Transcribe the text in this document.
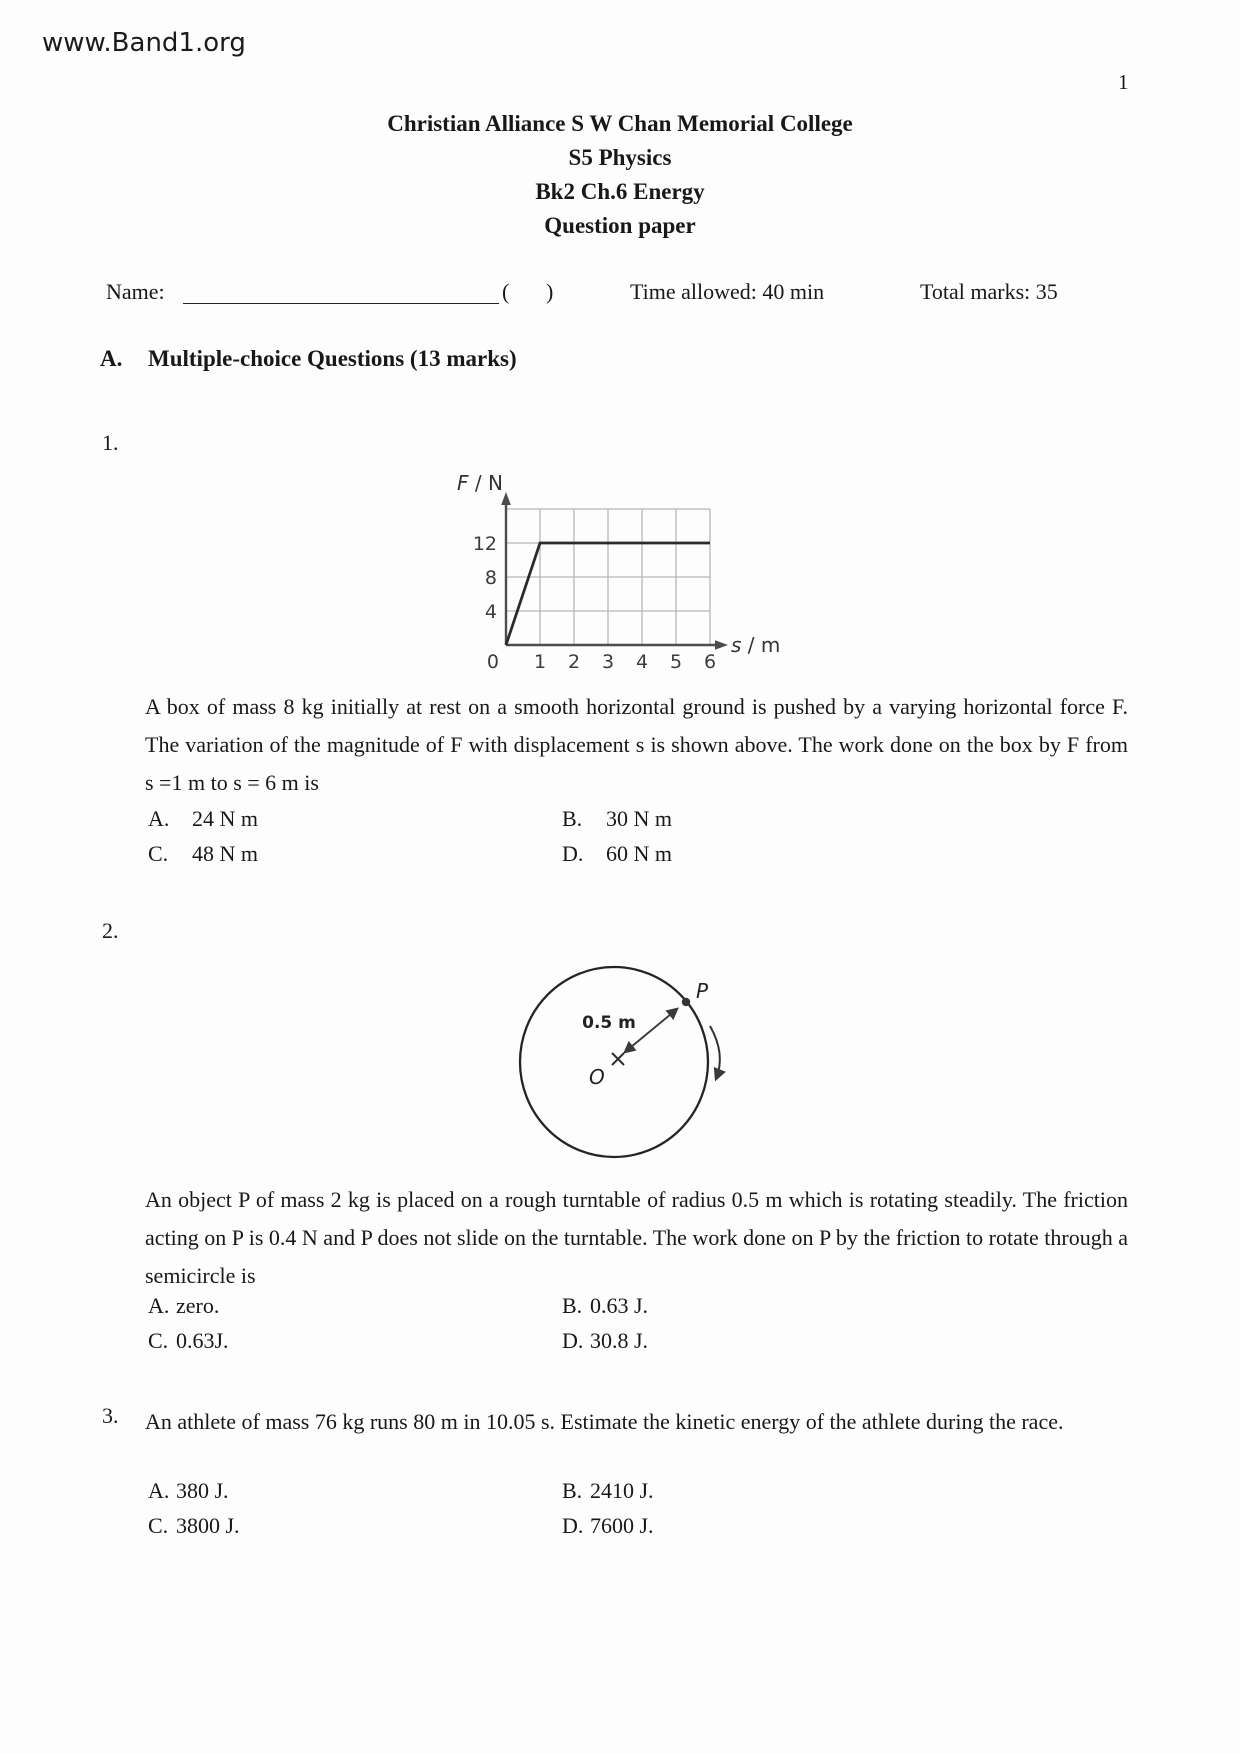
www.Band1.org
1
Christian Alliance S W Chan Memorial College
S5 Physics
Bk2 Ch.6 Energy
Question paper
Name:	( )	Time allowed: 40 min	Total marks: 35
A. Multiple-choice Questions (13 marks)
1.
4
8
12
0 1 2 3 4 5 6
F / N
s / m
A box of mass 8 kg initially at rest on a smooth horizontal ground is pushed by a varying horizontal force F. The variation of the magnitude of F with displacement s is shown above. The work done on the box by F from s =1 m to s = 6 m is
A. 24 N m	B. 30 N m
C. 48 N m	D. 60 N m
2.
P
0.5 m
O
An object P of mass 2 kg is placed on a rough turntable of radius 0.5 m which is rotating steadily. The friction acting on P is 0.4 N and P does not slide on the turntable. The work done on P by the friction to rotate through a semicircle is
A. zero.	B. 0.63 J.
C. 0.63J.	D. 30.8 J.
3. An athlete of mass 76 kg runs 80 m in 10.05 s. Estimate the kinetic energy of the athlete during the race.
A. 380 J.	B. 2410 J.
C. 3800 J.	D. 7600 J.
